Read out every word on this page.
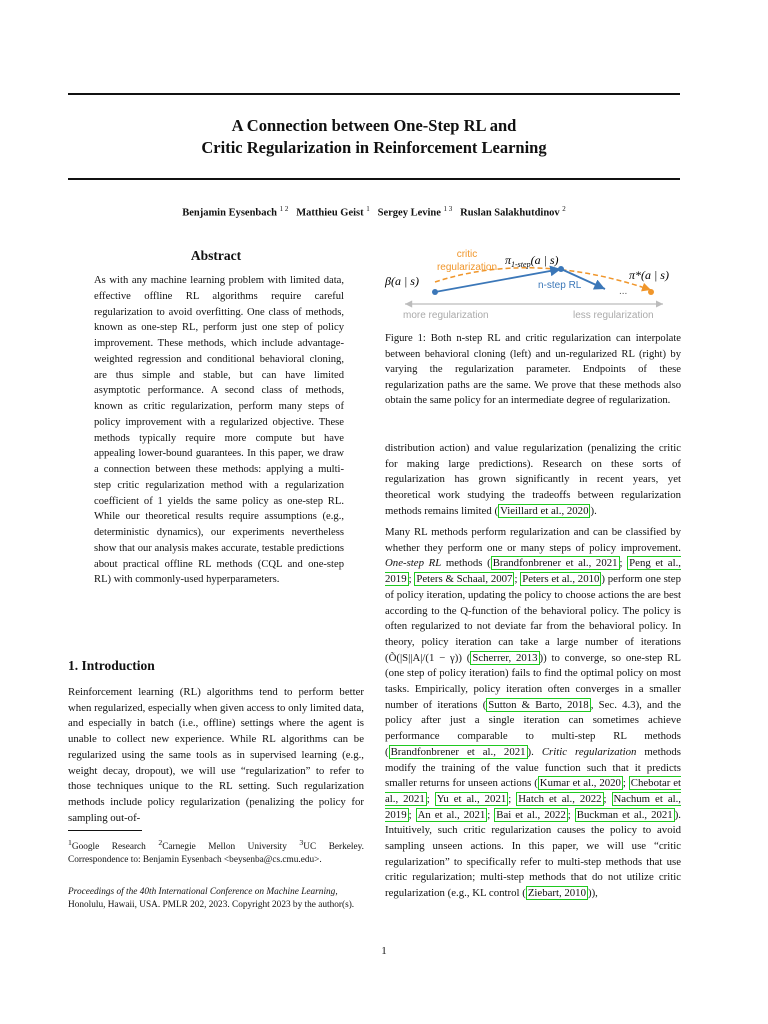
A Connection between One-Step RL and
Critic Regularization in Reinforcement Learning
Benjamin Eysenbach $^{1 2}$ Matthieu Geist $^1$ Sergey Levine $^{1 3}$ Ruslan Salakhutdinov $^2$
Abstract
As with any machine learning problem with limited data, effective offline RL algorithms require careful regularization to avoid overfitting. One class of methods, known as one-step RL, perform just one step of policy improvement. These methods, which include advantage-weighted regression and conditional behavioral cloning, are thus simple and stable, but can have limited asymptotic performance. A second class of methods, known as critic regularization, perform many steps of policy improvement with a regularized objective. These methods typically require more compute but have appealing lower-bound guarantees. In this paper, we draw a connection between these methods: applying a multi-step critic regularization method with a regularization coefficient of 1 yields the same policy as one-step RL. While our theoretical results require assumptions (e.g., deterministic dynamics), our experiments nevertheless show that our analysis makes accurate, testable predictions about practical offline RL methods (CQL and one-step RL) with commonly-used hyperparameters.
1. Introduction
Reinforcement learning (RL) algorithms tend to perform better when regularized, especially when given access to only limited data, and especially in batch (i.e., offline) settings where the agent is unable to collect new experience. While RL algorithms can be regularized using the same tools as in supervised learning (e.g., weight decay, dropout), we will use “regularization” to refer to those techniques unique to the RL setting. Such regularization methods include policy regularization (penalizing the policy for sampling out-of-
$^1$Google Research $^2$Carnegie Mellon University $^3$UC Berkeley. Correspondence to: Benjamin Eysenbach <beysenba@cs.cmu.edu>.
Proceedings of the 40th International Conference on Machine Learning, Honolulu, Hawaii, USA. PMLR 202, 2023. Copyright 2023 by the author(s).
critic
regularization
$\pi_{1-step}(a$ | s)
β(a | s)	π*(a | s)
n-step RL
...
more regularization	less regularization
Figure 1: Both n-step RL and critic regularization can interpolate between behavioral cloning (left) and un-regularized RL (right) by varying the regularization parameter. Endpoints of these regularization paths are the same. We prove that these methods also obtain the same policy for an intermediate degree of regularization.
distribution action) and value regularization (penalizing the critic for making large predictions). Research on these sorts of regularization has grown significantly in recent years, yet theoretical work studying the tradeoffs between regularization methods remains limited ( Vieillard et al., 2020 ).
Many RL methods perform regularization and can be classified by whether they perform one or many steps of policy improvement. One-step RL methods ( Brandfonbrener et al., 2021 ; Peng et al., 2019 ; Peters & Schaal, 2007 ; Peters et al., 2010 ) perform one step of policy iteration, updating the policy to choose actions the are best according to the Q-function of the behavioral policy. The policy is often regularized to not deviate far from the behavioral policy. In theory, policy iteration can take a large number of iterations (Õ(|S||A|/(1 − γ)) ( Scherrer, 2013 )) to converge, so one-step RL (one step of policy iteration) fails to find the optimal policy on most tasks. Empirically, policy iteration often converges in a smaller number of iterations ( Sutton & Barto, 2018 , Sec. 4.3), and the policy after just a single iteration can sometimes achieve performance comparable to multi-step RL methods ( Brandfonbrener et al., 2021 ). Critic regularization methods modify the training of the value function such that it predicts smaller returns for unseen actions ( Kumar et al., 2020 ; Chebotar et al., 2021 ; Yu et al., 2021 ; Hatch et al., 2022 ; Nachum et al., 2019 ; An et al., 2021 ; Bai et al., 2022 ; Buckman et al., 2021 ). Intuitively, such critic regularization causes the policy to avoid sampling unseen actions. In this paper, we will use “critic regularization” to specifically refer to multi-step methods that use critic regularization; multi-step methods that do not utilize critic regularization (e.g., KL control ( Ziebart, 2010 )),
1
